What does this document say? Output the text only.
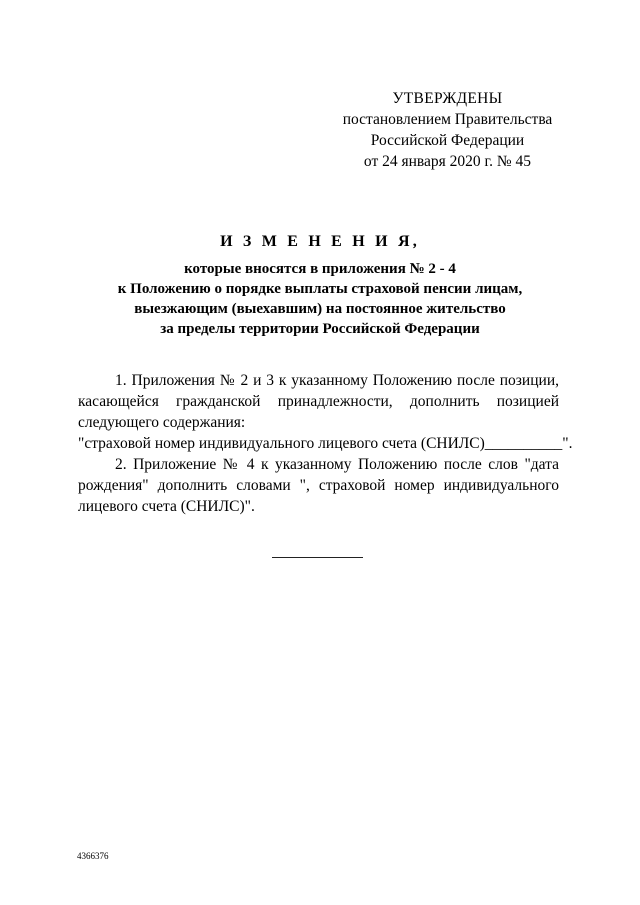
УТВЕРЖДЕНЫ
постановлением Правительства
Российской Федерации
от 24 января 2020 г. № 45
И З М Е Н Е Н И Я,
которые вносятся в приложения № 2 - 4
к Положению о порядке выплаты страховой пенсии лицам,
выезжающим (выехавшим) на постоянное жительство
за пределы территории Российской Федерации

1. Приложения № 2 и 3 к указанному Положению после позиции, касающейся гражданской принадлежности, дополнить позицией следующего содержания:

"страховой номер индивидуального лицевого счета (СНИЛС)__________".

2. Приложение № 4 к указанному Положению после слов "дата рождения" дополнить словами ", страховой номер индивидуального лицевого счета (СНИЛС)".

4366376
